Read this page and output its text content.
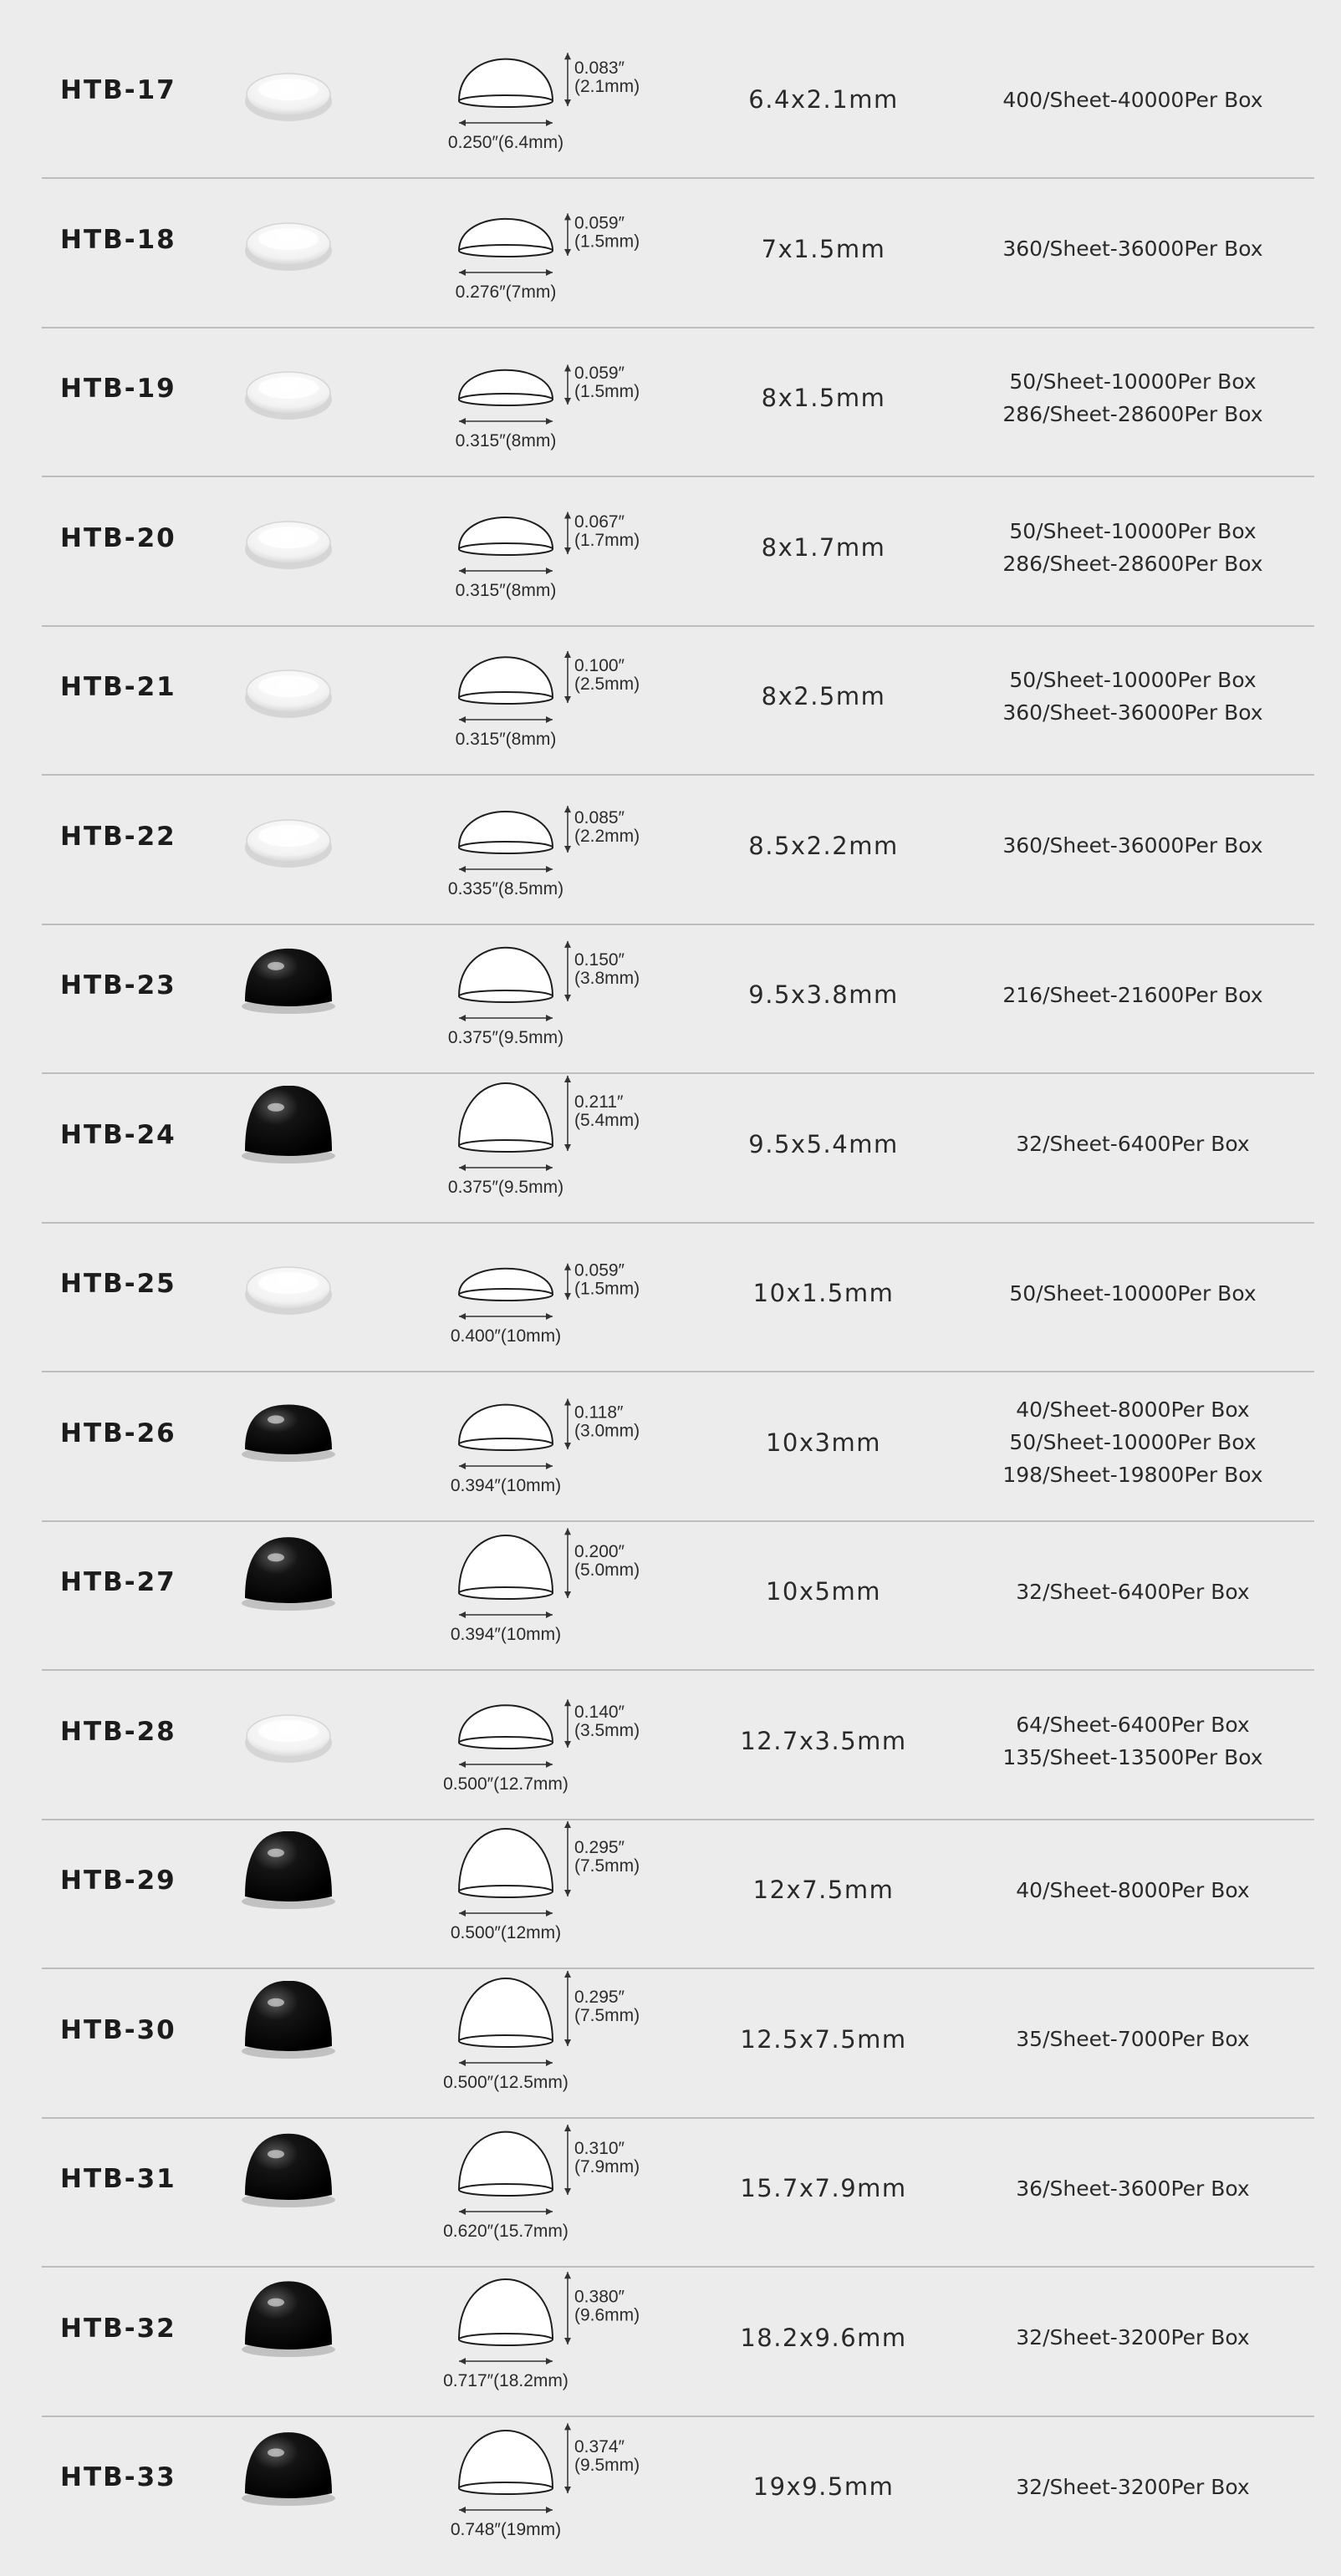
HTB-17
0.083″
(2.1mm)
0.250″(6.4mm)
6.4x2.1mm	400/Sheet-40000Per Box
HTB-18
0.059″
(1.5mm)
0.276″(7mm)
7x1.5mm	360/Sheet-36000Per Box
HTB-19
0.059″
(1.5mm)
0.315″(8mm)
8x1.5mm
50/Sheet-10000Per Box
286/Sheet-28600Per Box
HTB-20
0.067″
(1.7mm)
0.315″(8mm)
8x1.7mm
50/Sheet-10000Per Box
286/Sheet-28600Per Box
HTB-21
0.100″
(2.5mm)
0.315″(8mm)
8x2.5mm
50/Sheet-10000Per Box
360/Sheet-36000Per Box
HTB-22
0.085″
(2.2mm)
0.335″(8.5mm)
8.5x2.2mm	360/Sheet-36000Per Box
HTB-23
0.150″
(3.8mm)
0.375″(9.5mm)
9.5x3.8mm	216/Sheet-21600Per Box
HTB-24
0.211″
(5.4mm)
0.375″(9.5mm)
9.5x5.4mm	32/Sheet-6400Per Box
HTB-25	0.059″
(1.5mm)
0.400″(10mm)
10x1.5mm	50/Sheet-10000Per Box
HTB-26
0.118″
(3.0mm)
0.394″(10mm)
10x3mm
40/Sheet-8000Per Box
50/Sheet-10000Per Box
198/Sheet-19800Per Box
HTB-27
0.200″
(5.0mm)
0.394″(10mm)
10x5mm	32/Sheet-6400Per Box
HTB-28
0.140″
(3.5mm)
0.500″(12.7mm)
12.7x3.5mm
64/Sheet-6400Per Box
135/Sheet-13500Per Box
HTB-29
0.295″
(7.5mm)
0.500″(12mm)
12x7.5mm	40/Sheet-8000Per Box
HTB-30
0.295″
(7.5mm)
0.500″(12.5mm)
12.5x7.5mm	35/Sheet-7000Per Box
HTB-31
0.310″
(7.9mm)
0.620″(15.7mm)
15.7x7.9mm	36/Sheet-3600Per Box
HTB-32
0.380″
(9.6mm)
0.717″(18.2mm)
18.2x9.6mm	32/Sheet-3200Per Box
HTB-33
0.374″
(9.5mm)
0.748″(19mm)
19x9.5mm	32/Sheet-3200Per Box
